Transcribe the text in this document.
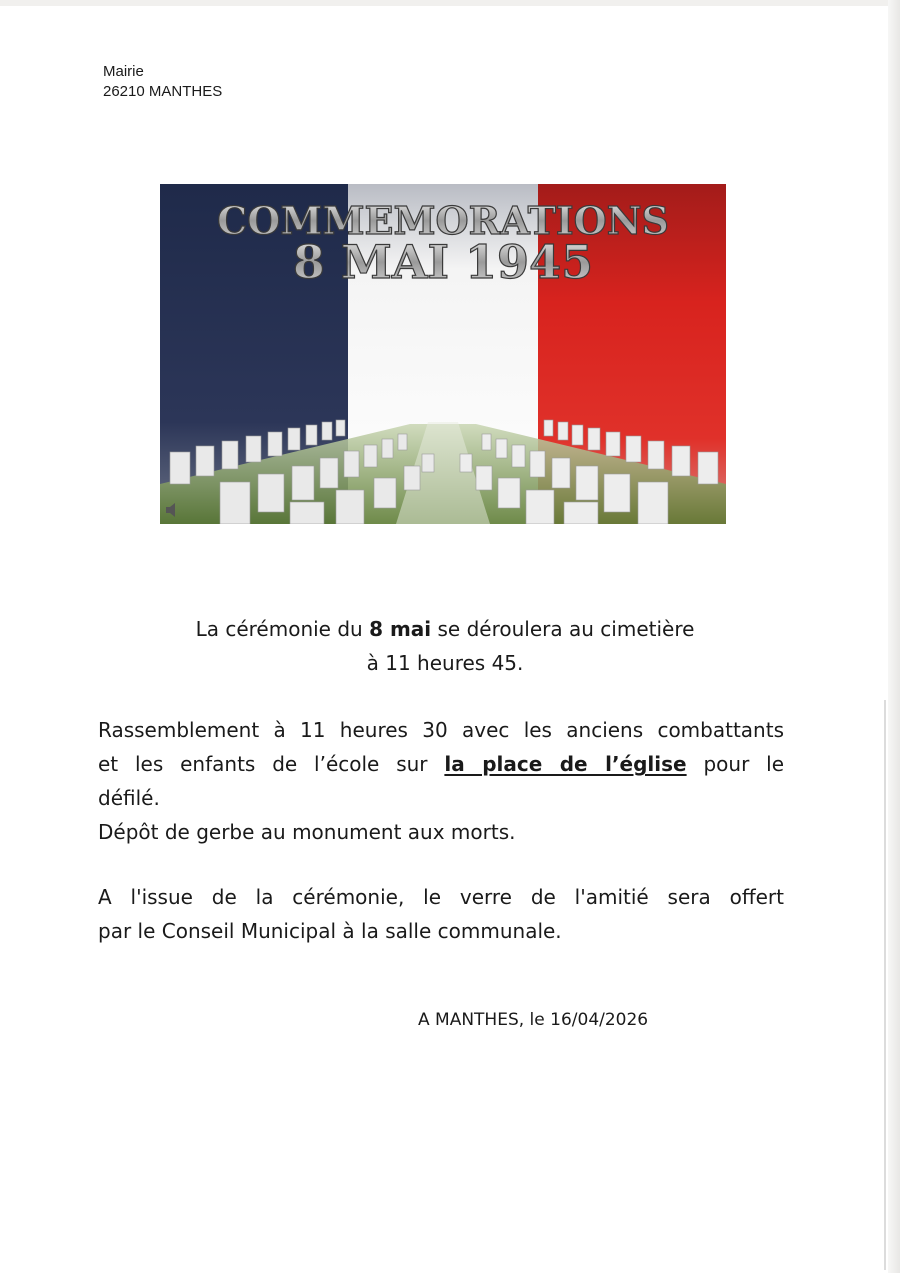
Mairie
26210 MANTHES
COMMEMORATIONS
8 MAI 1945
La cérémonie du 8 mai se déroulera au cimetière
à 11 heures 45.
Rassemblement à 11 heures 30 avec les anciens combattants
et les enfants de l’école sur la place de l’église pour le
défilé.
Dépôt de gerbe au monument aux morts.
A l'issue de la cérémonie, le verre de l'amitié sera offert
par le Conseil Municipal à la salle communale.
A MANTHES, le 16/04/2026
